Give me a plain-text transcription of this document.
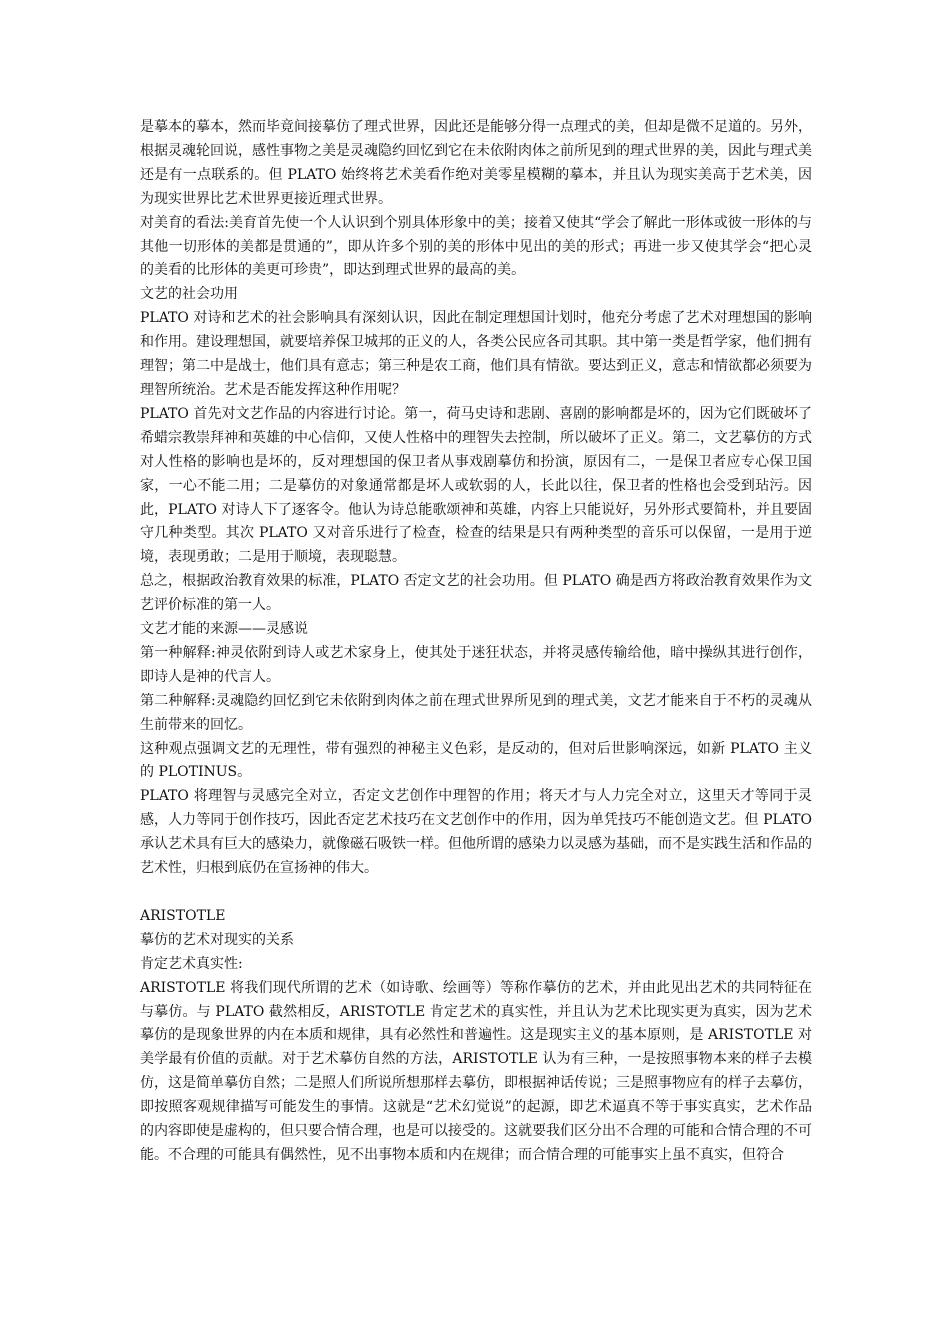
是摹本的摹本，然而毕竟间接摹仿了理式世界，因此还是能够分得一点理式的美，但却是微不足道的。另外，根据灵魂轮回说，感性事物之美是灵魂隐约回忆到它在未依附肉体之前所见到的理式世界的美，因此与理式美还是有一点联系的。但 PLATO 始终将艺术美看作绝对美零星模糊的摹本，并且认为现实美高于艺术美，因为现实世界比艺术世界更接近理式世界。

对美育的看法:美育首先使一个人认识到个别具体形象中的美；接着又使其“学会了解此一形体或彼一形体的与其他一切形体的美都是贯通的”，即从许多个别的美的形体中见出的美的形式；再进一步又使其学会“把心灵的美看的比形体的美更可珍贵”，即达到理式世界的最高的美。

文艺的社会功用

PLATO 对诗和艺术的社会影响具有深刻认识，因此在制定理想国计划时，他充分考虑了艺术对理想国的影响和作用。建设理想国，就要培养保卫城邦的正义的人，各类公民应各司其职。其中第一类是哲学家，他们拥有理智；第二中是战士，他们具有意志；第三种是农工商，他们具有情欲。要达到正义，意志和情欲都必须要为理智所统治。艺术是否能发挥这种作用呢？

PLATO 首先对文艺作品的内容进行讨论。第一，荷马史诗和悲剧、喜剧的影响都是坏的，因为它们既破坏了希蜡宗教崇拜神和英雄的中心信仰，又使人性格中的理智失去控制，所以破坏了正义。第二，文艺摹仿的方式对人性格的影响也是坏的，反对理想国的保卫者从事戏剧摹仿和扮演，原因有二，一是保卫者应专心保卫国家，一心不能二用；二是摹仿的对象通常都是坏人或软弱的人，长此以往，保卫者的性格也会受到玷污。因此，PLATO 对诗人下了逐客令。他认为诗总能歌颂神和英雄，内容上只能说好，另外形式要简朴，并且要固守几种类型。其次 PLATO 又对音乐进行了检查，检查的结果是只有两种类型的音乐可以保留，一是用于逆境，表现勇敢；二是用于顺境，表现聪慧。

总之，根据政治教育效果的标准，PLATO 否定文艺的社会功用。但 PLATO 确是西方将政治教育效果作为文艺评价标准的第一人。

文艺才能的来源——灵感说

第一种解释:神灵依附到诗人或艺术家身上，使其处于迷狂状态，并将灵感传输给他，暗中操纵其进行创作，即诗人是神的代言人。

第二种解释:灵魂隐约回忆到它未依附到肉体之前在理式世界所见到的理式美，文艺才能来自于不朽的灵魂从生前带来的回忆。

这种观点强调文艺的无理性，带有强烈的神秘主义色彩，是反动的，但对后世影响深远，如新 PLATO 主义的 PLOTINUS。

PLATO 将理智与灵感完全对立，否定文艺创作中理智的作用；将天才与人力完全对立，这里天才等同于灵感，人力等同于创作技巧，因此否定艺术技巧在文艺创作中的作用，因为单凭技巧不能创造文艺。但 PLATO 承认艺术具有巨大的感染力，就像磁石吸铁一样。但他所谓的感染力以灵感为基础，而不是实践生活和作品的艺术性，归根到底仍在宣扬神的伟大。

ARISTOTLE

摹仿的艺术对现实的关系

肯定艺术真实性:

ARISTOTLE 将我们现代所谓的艺术（如诗歌、绘画等）等称作摹仿的艺术，并由此见出艺术的共同特征在与摹仿。与 PLATO 截然相反，ARISTOTLE 肯定艺术的真实性，并且认为艺术比现实更为真实，因为艺术摹仿的是现象世界的内在本质和规律，具有必然性和普遍性。这是现实主义的基本原则，是 ARISTOTLE 对美学最有价值的贡献。对于艺术摹仿自然的方法，ARISTOTLE 认为有三种，一是按照事物本来的样子去模仿，这是简单摹仿自然；二是照人们所说所想那样去摹仿，即根据神话传说；三是照事物应有的样子去摹仿，即按照客观规律描写可能发生的事情。这就是“艺术幻觉说”的起源，即艺术逼真不等于事实真实，艺术作品的内容即使是虚构的，但只要合情合理，也是可以接受的。这就要我们区分出不合理的可能和合情合理的不可能。不合理的可能具有偶然性，见不出事物本质和内在规律；而合情合理的可能事实上虽不真实，但符合
